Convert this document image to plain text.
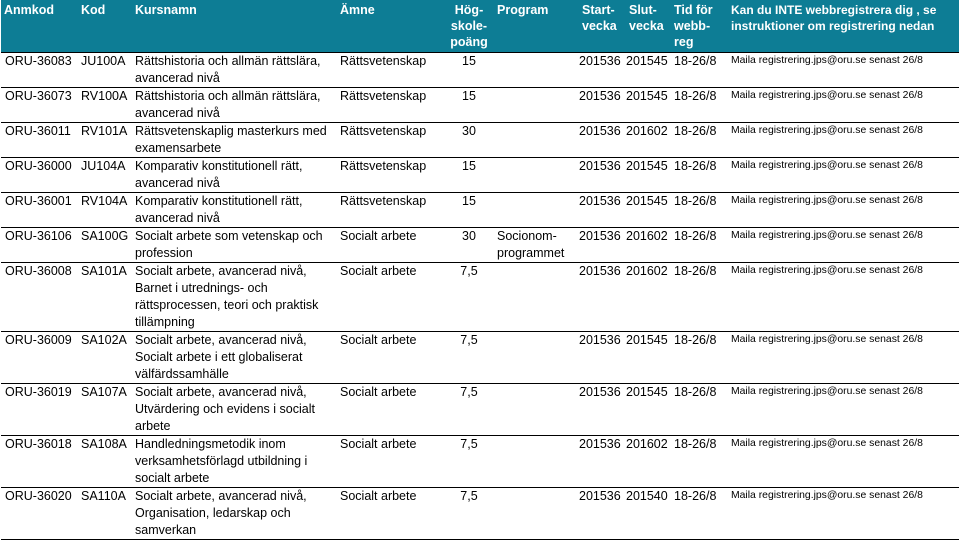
Anmkod	Kod	Kursnamn	Ämne	Hög-skole-poäng	Program	Start-vecka	Slut-vecka	Tid för webb-reg	Kan du INTE webbregistrera dig , se instruktioner om registrering nedan
ORU-36083	JU100A	Rättshistoria och allmän rättslära, avancerad nivå	Rättsvetenskap	15		201536	201545	18-26/8	Maila registrering.jps@oru.se senast 26/8
ORU-36073	RV100A	Rättshistoria och allmän rättslära, avancerad nivå	Rättsvetenskap	15		201536	201545	18-26/8	Maila registrering.jps@oru.se senast 26/8
ORU-36011	RV101A	Rättsvetenskaplig masterkurs med examensarbete	Rättsvetenskap	30		201536	201602	18-26/8	Maila registrering.jps@oru.se senast 26/8
ORU-36000	JU104A	Komparativ konstitutionell rätt, avancerad nivå	Rättsvetenskap	15		201536	201545	18-26/8	Maila registrering.jps@oru.se senast 26/8
ORU-36001	RV104A	Komparativ konstitutionell rätt, avancerad nivå	Rättsvetenskap	15		201536	201545	18-26/8	Maila registrering.jps@oru.se senast 26/8
ORU-36106	SA100G	Socialt arbete som vetenskap och profession	Socialt arbete	30	Socionom-programmet	201536	201602	18-26/8	Maila registrering.jps@oru.se senast 26/8
ORU-36008	SA101A	Socialt arbete, avancerad nivå, Barnet i utrednings- och rättsprocessen, teori och praktisk tillämpning	Socialt arbete	7,5		201536	201602	18-26/8	Maila registrering.jps@oru.se senast 26/8
ORU-36009	SA102A	Socialt arbete, avancerad nivå, Socialt arbete i ett globaliserat välfärdssamhälle	Socialt arbete	7,5		201536	201545	18-26/8	Maila registrering.jps@oru.se senast 26/8
ORU-36019	SA107A	Socialt arbete, avancerad nivå, Utvärdering och evidens i socialt arbete	Socialt arbete	7,5		201536	201545	18-26/8	Maila registrering.jps@oru.se senast 26/8
ORU-36018	SA108A	Handledningsmetodik inom verksamhetsförlagd utbildning i socialt arbete	Socialt arbete	7,5		201536	201602	18-26/8	Maila registrering.jps@oru.se senast 26/8
ORU-36020	SA110A	Socialt arbete, avancerad nivå, Organisation, ledarskap och samverkan	Socialt arbete	7,5		201536	201540	18-26/8	Maila registrering.jps@oru.se senast 26/8
